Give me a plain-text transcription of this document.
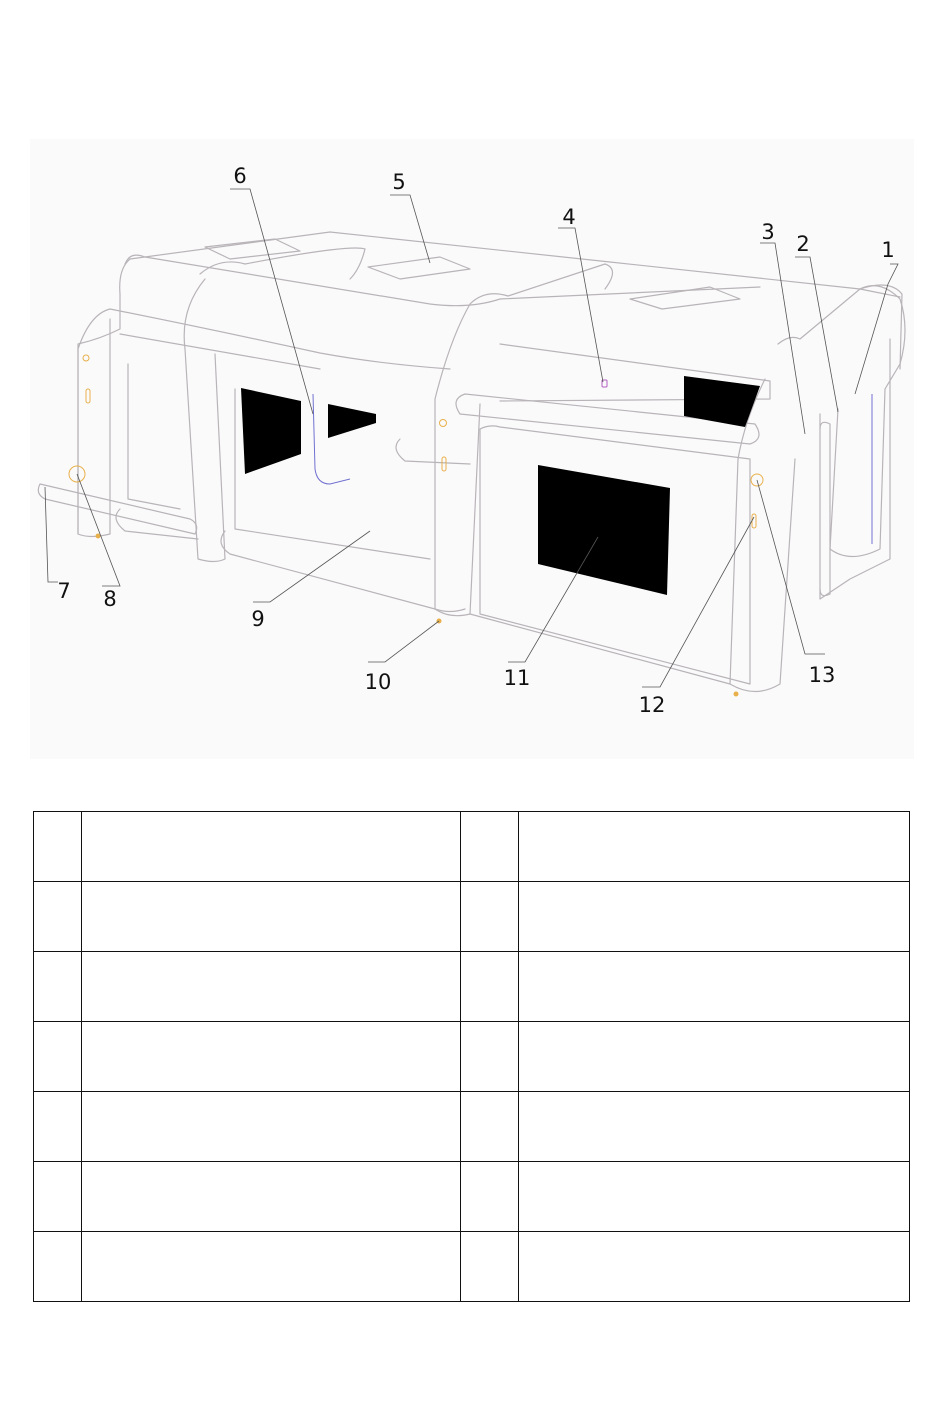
1
2
3
4
5
6
7 8
9
10	11
12
13
